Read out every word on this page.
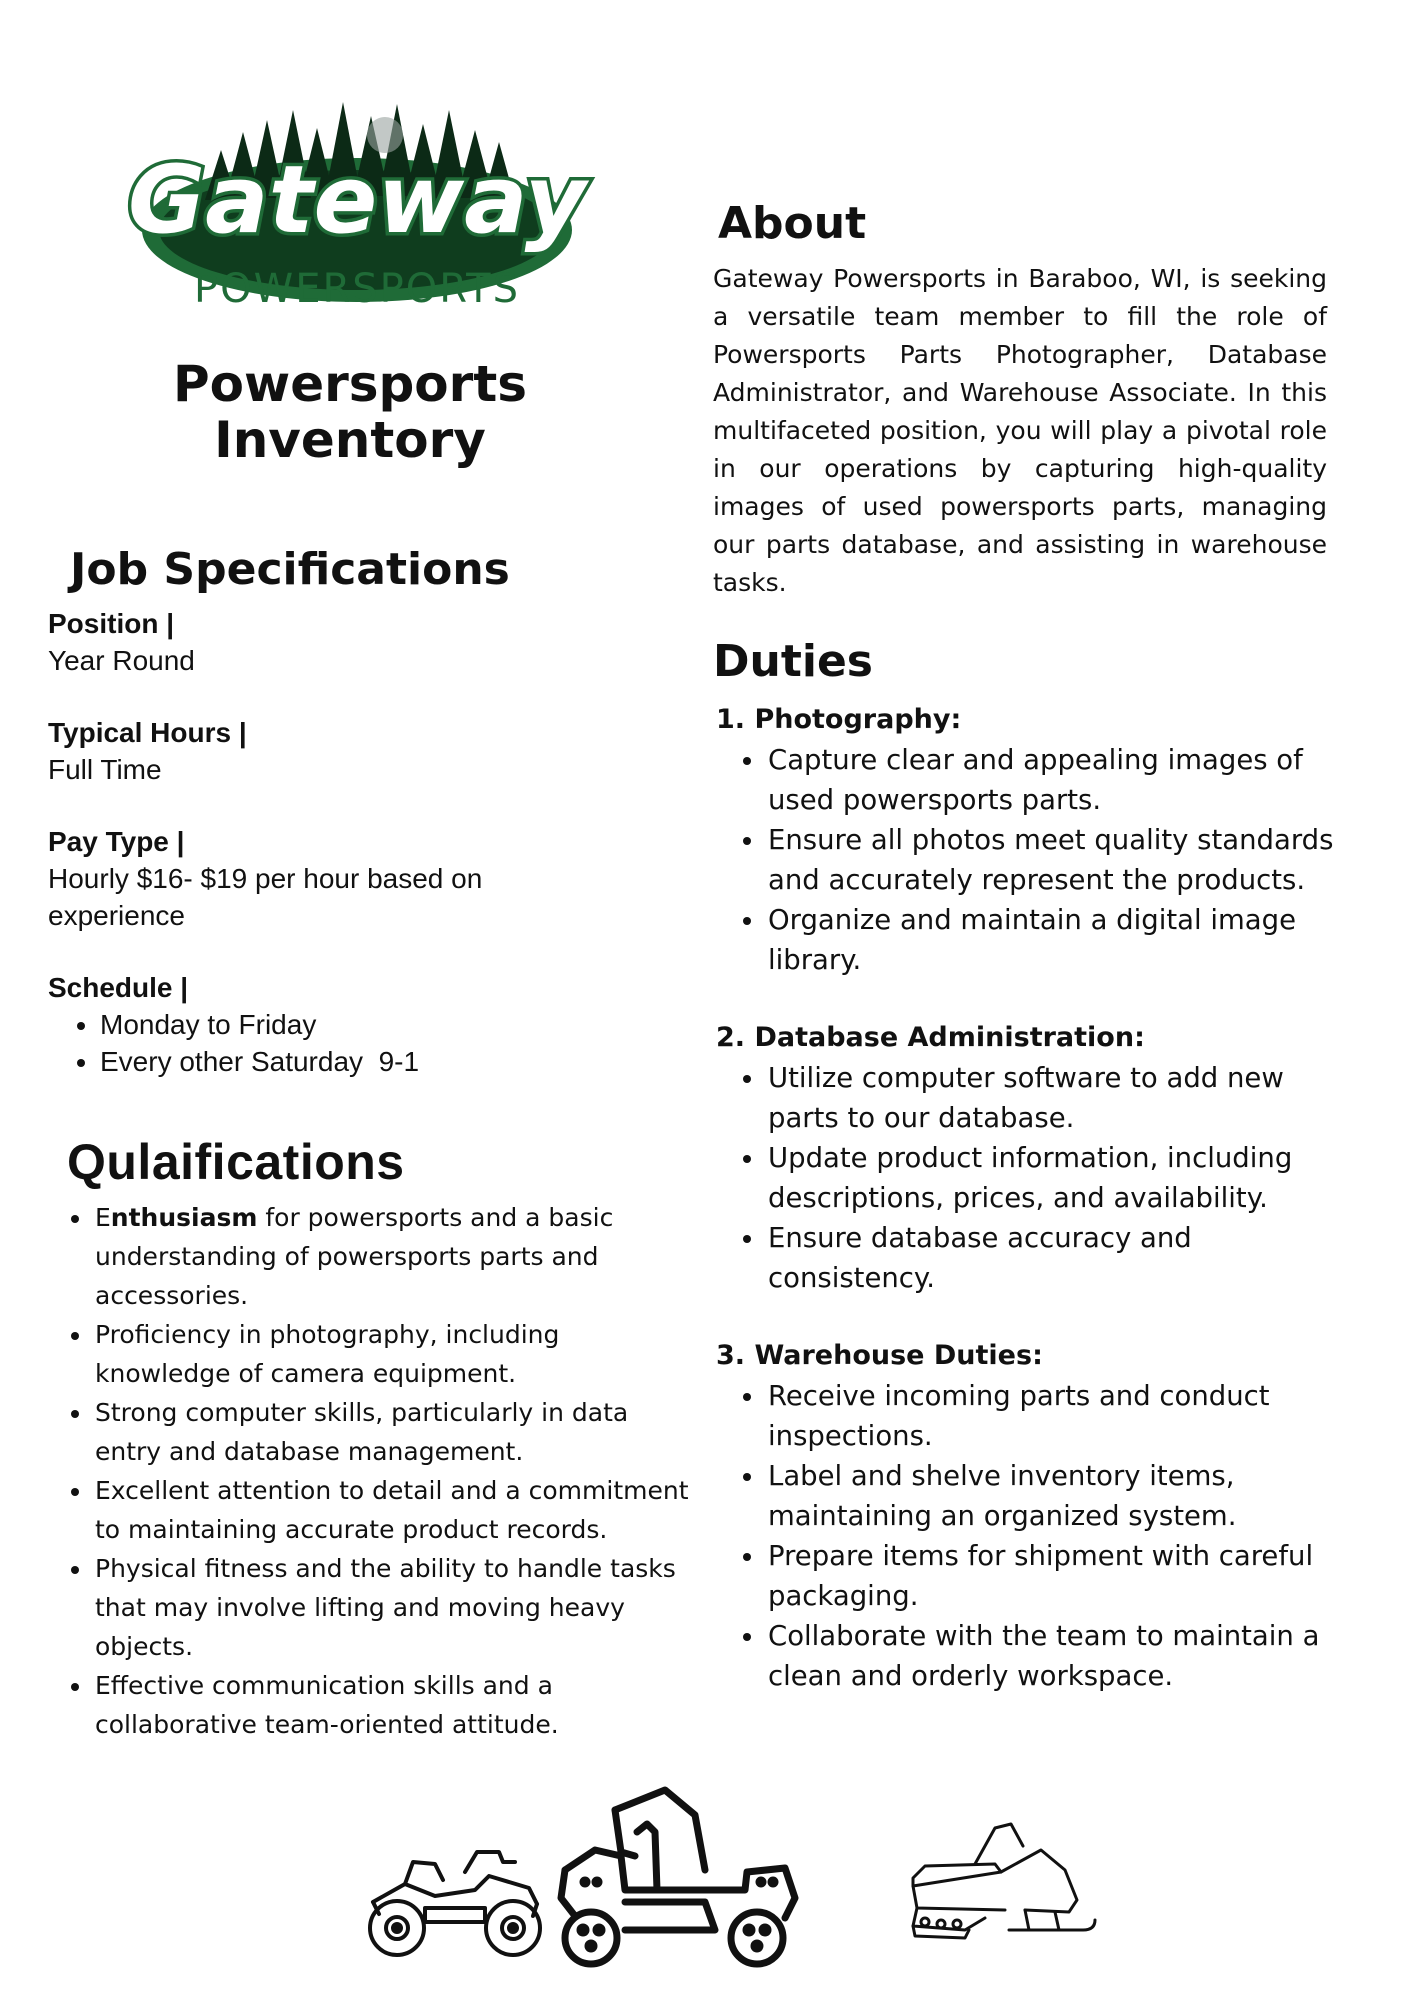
Gateway
POWERSPORTS
Powersports
Inventory
Job Specifications
Position |
Year Round
Typical Hours |
Full Time
Pay Type |
Hourly $16- $19 per hour based on experience
Schedule |
• Monday to Friday
• Every other Saturday  9-1
Qulaifications
• Enthusiasm for powersports and a basic understanding of powersports parts and accessories.
• Proficiency in photography, including knowledge of camera equipment.
• Strong computer skills, particularly in data entry and database management.
• Excellent attention to detail and a commitment to maintaining accurate product records.
• Physical fitness and the ability to handle tasks that may involve lifting and moving heavy objects.
• Effective communication skills and a collaborative team-oriented attitude.
About

Gateway Powersports in Baraboo, WI, is seeking a versatile team member to fill the role of Powersports Parts Photographer, Database Administrator, and Warehouse Associate. In this multifaceted position, you will play a pivotal role in our operations by capturing high-quality images of used powersports parts, managing our parts database, and assisting in warehouse tasks.

Duties

1. Photography:

• Capture clear and appealing images of used powersports parts.
• Ensure all photos meet quality standards and accurately represent the products.
• Organize and maintain a digital image library.

2. Database Administration:

• Utilize computer software to add new parts to our database.
• Update product information, including descriptions, prices, and availability.
• Ensure database accuracy and consistency.

3. Warehouse Duties:

• Receive incoming parts and conduct inspections.
• Label and shelve inventory items, maintaining an organized system.
• Prepare items for shipment with careful packaging.
• Collaborate with the team to maintain a clean and orderly workspace.
